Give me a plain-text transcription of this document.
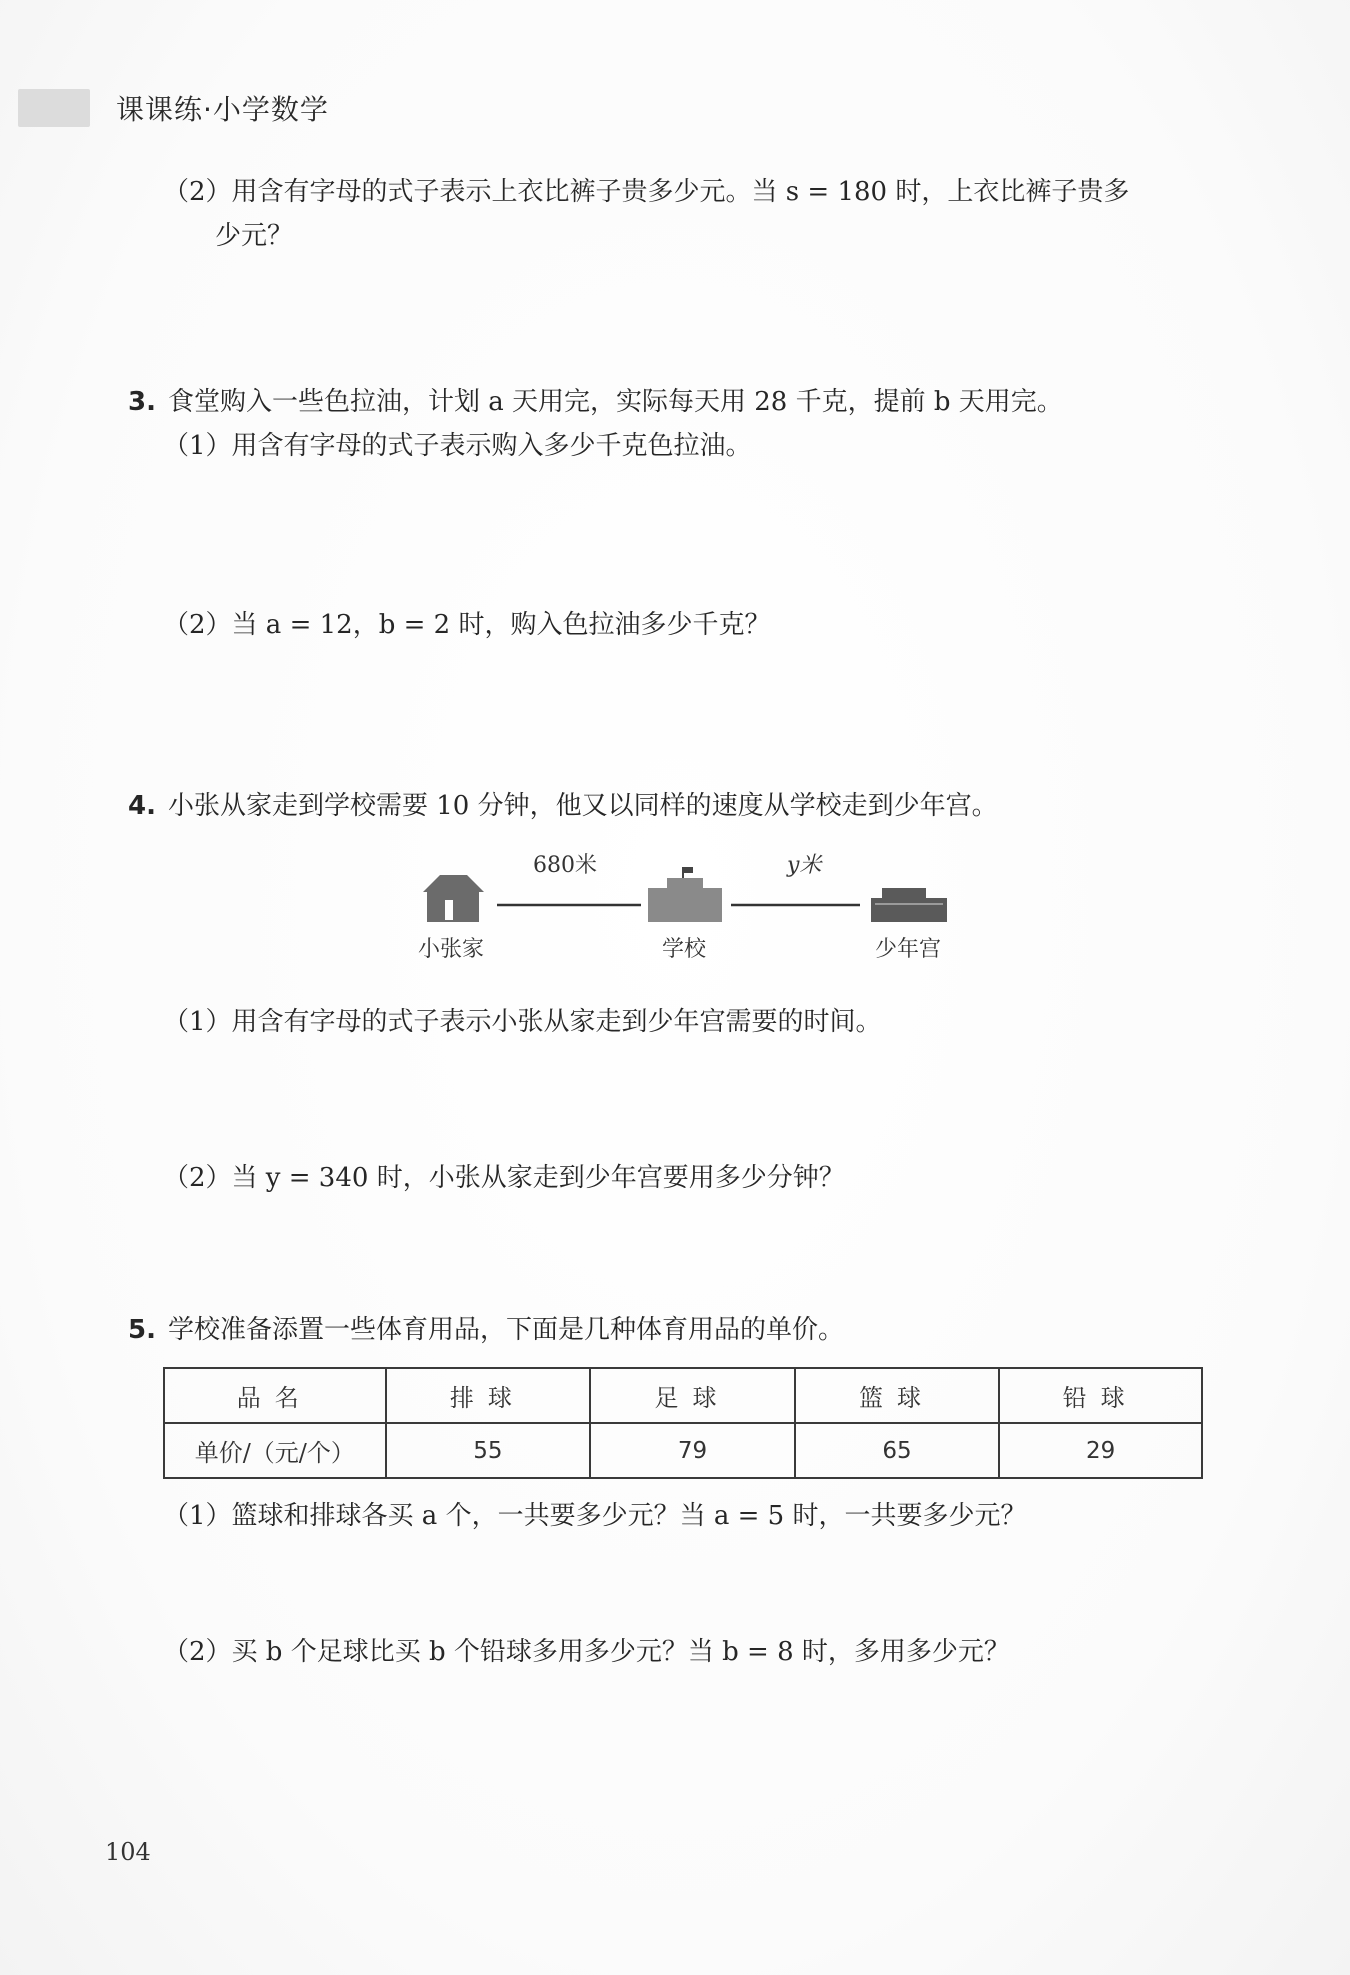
课课练·小学数学
（2）用含有字母的式子表示上衣比裤子贵多少元。当 s = 180 时，上衣比裤子贵多
少元？
3. 食堂购入一些色拉油，计划 a 天用完，实际每天用 28 千克，提前 b 天用完。
（1）用含有字母的式子表示购入多少千克色拉油。
（2）当 a = 12，b = 2 时，购入色拉油多少千克？
4. 小张从家走到学校需要 10 分钟，他又以同样的速度从学校走到少年宫。
680米	y米
小张家	学校	少年宫
（1）用含有字母的式子表示小张从家走到少年宫需要的时间。
（2）当 y = 340 时，小张从家走到少年宫要用多少分钟？
5. 学校准备添置一些体育用品，下面是几种体育用品的单价。
品名	排球	足球	篮球	铅球
单价/（元/个）	55	79	65	29
（1）篮球和排球各买 a 个，一共要多少元？当 a = 5 时，一共要多少元？
（2）买 b 个足球比买 b 个铅球多用多少元？当 b = 8 时，多用多少元？
104
